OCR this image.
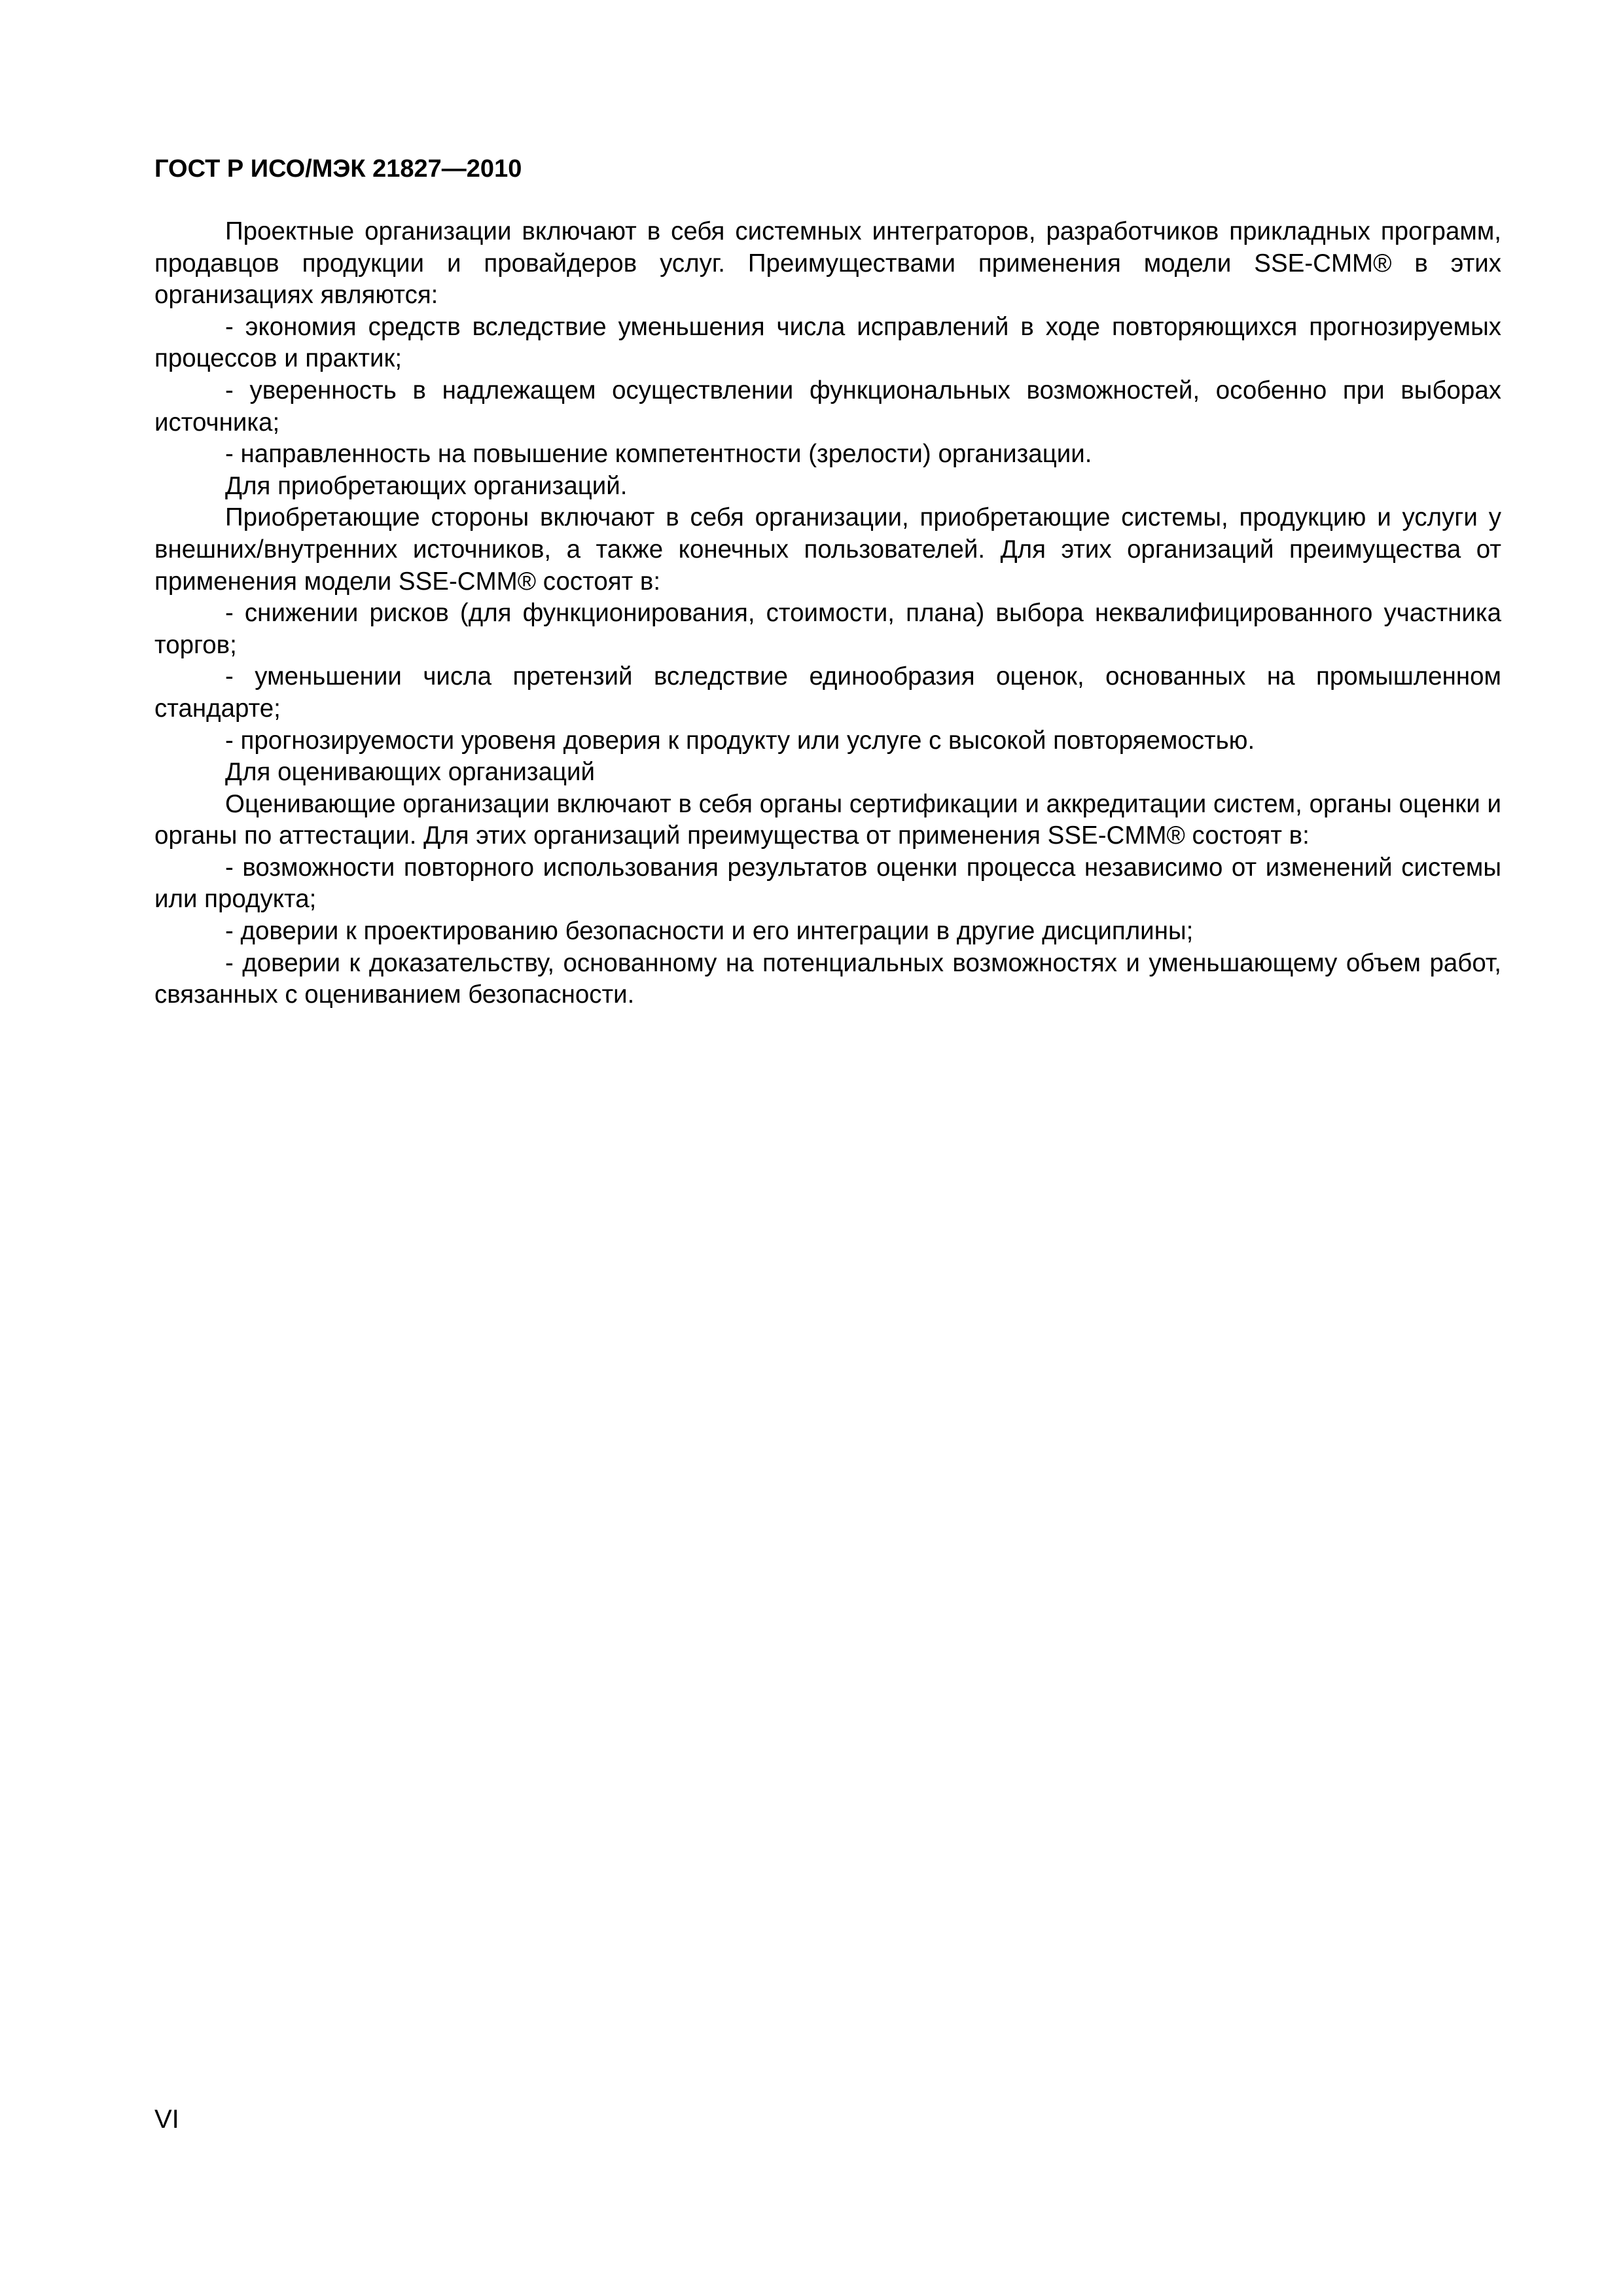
ГОСТ Р ИСО/МЭК 21827—2010

Проектные организации включают в себя системных интеграторов, разработчиков прикладных программ, продавцов продукции и провайдеров услуг. Преимуществами применения модели SSE-CMM® в этих организациях являются:

- экономия средств вследствие уменьшения числа исправлений в ходе повторяющихся прогнозируемых процессов и практик;

- уверенность в надлежащем осуществлении функциональных возможностей, особенно при выборах источника;

- направленность на повышение компетентности (зрелости) организации.

Для приобретающих организаций.

Приобретающие стороны включают в себя организации, приобретающие системы, продукцию и услуги у внешних/внутренних источников, а также конечных пользователей. Для этих организаций преимущества от применения модели SSE-CMM® состоят в:

- снижении рисков (для функционирования, стоимости, плана) выбора неквалифицированного участника торгов;

- уменьшении числа претензий вследствие единообразия оценок, основанных на промышленном стандарте;

- прогнозируемости уровеня доверия к продукту или услуге с высокой повторяемостью.

Для оценивающих организаций

Оценивающие организации включают в себя органы сертификации и аккредитации систем, органы оценки и органы по аттестации. Для этих организаций преимущества от применения SSE-CMM® состоят в:

- возможности повторного использования результатов оценки процесса независимо от изменений системы или продукта;

- доверии к проектированию безопасности и его интеграции в другие дисциплины;

- доверии к доказательству, основанному на потенциальных возможностях и уменьшающему объем работ, связанных с оцениванием безопасности.

VI
